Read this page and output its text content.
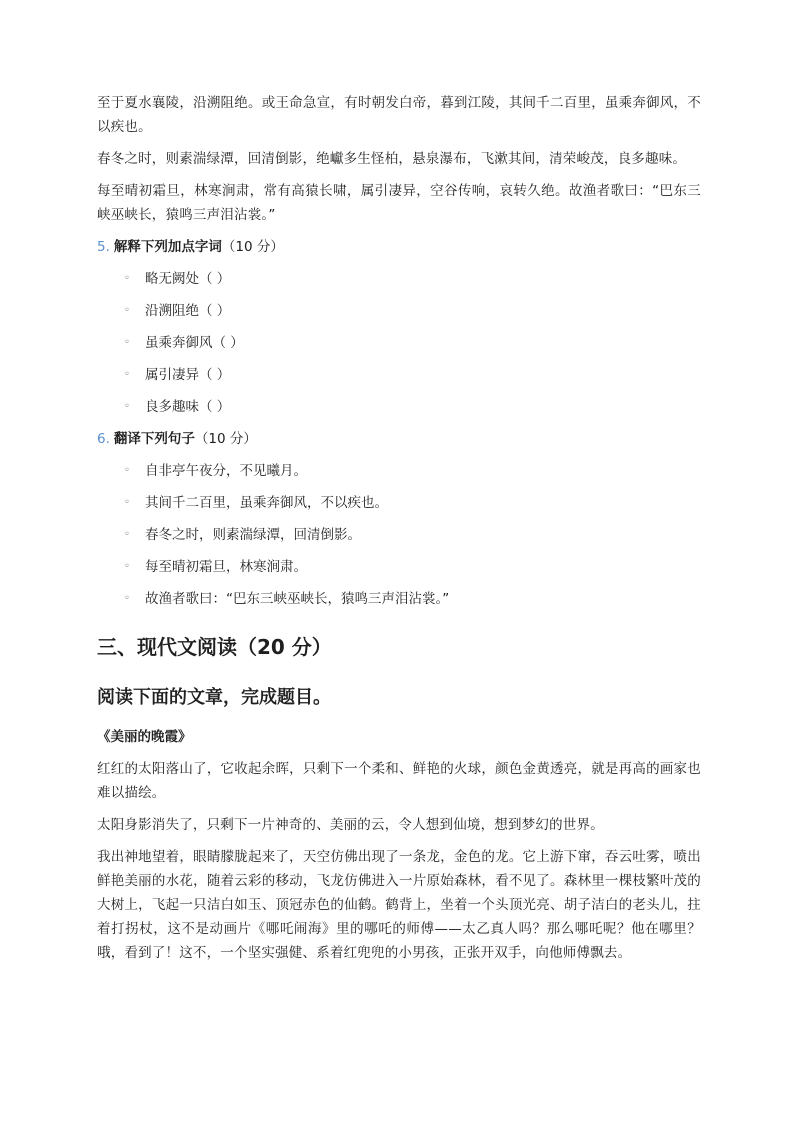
至于夏水襄陵，沿溯阻绝。或王命急宣，有时朝发白帝，暮到江陵，其间千二百里，虽乘奔御风，不以疾也。

春冬之时，则素湍绿潭，回清倒影，绝巘多生怪柏，悬泉瀑布，飞漱其间，清荣峻茂，良多趣味。

每至晴初霜旦，林寒涧肃，常有高猿长啸，属引凄异，空谷传响，哀转久绝。故渔者歌曰：“巴东三峡巫峡长，猿鸣三声泪沾裳。”

5. 解释下列加点字词（10 分）
◦ 略无阙处（ ）
◦ 沿溯阻绝（ ）
◦ 虽乘奔御风（ ）
◦ 属引凄异（ ）
◦ 良多趣味（ ）
6. 翻译下列句子（10 分）
◦ 自非亭午夜分，不见曦月。
◦ 其间千二百里，虽乘奔御风，不以疾也。
◦ 春冬之时，则素湍绿潭，回清倒影。
◦ 每至晴初霜旦，林寒涧肃。
◦ 故渔者歌曰：“巴东三峡巫峡长，猿鸣三声泪沾裳。”
三、现代文阅读（20 分）
阅读下面的文章，完成题目。
《美丽的晚霞》

红红的太阳落山了，它收起余晖，只剩下一个柔和、鲜艳的火球，颜色金黄透亮，就是再高的画家也难以描绘。

太阳身影消失了，只剩下一片神奇的、美丽的云，令人想到仙境，想到梦幻的世界。

我出神地望着，眼睛朦胧起来了，天空仿佛出现了一条龙，金色的龙。它上游下窜，吞云吐雾，喷出鲜艳美丽的水花，随着云彩的移动，飞龙仿佛进入一片原始森林，看不见了。森林里一棵枝繁叶茂的大树上，飞起一只洁白如玉、顶冠赤色的仙鹤。鹤背上，坐着一个头顶光亮、胡子洁白的老头儿，拄着打拐杖，这不是动画片《哪吒闹海》里的哪吒的师傅——太乙真人吗？那么哪吒呢？他在哪里？哦，看到了！这不，一个坚实强健、系着红兜兜的小男孩，正张开双手，向他师傅飘去。
